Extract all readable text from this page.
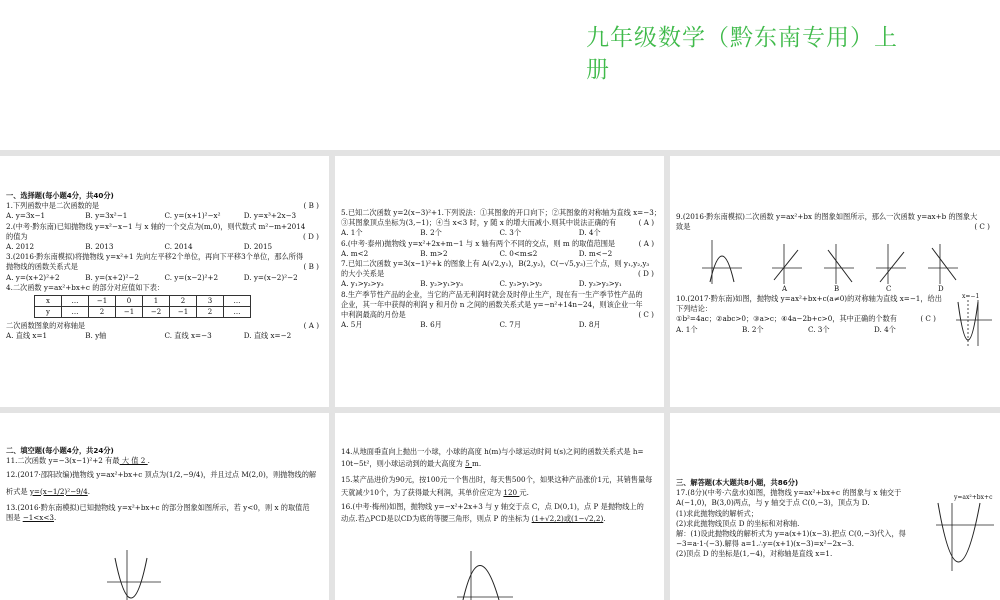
九年级数学（黔东南专用）上册
一、选择题(每小题4分，共40分)
1.下列函数中是二次函数的是	( B )
A. y=3x−1	B. y=3x²−1	C. y=(x+1)²−x²	D. y=x³+2x−3
2.(中考·黔东南)已知抛物线 y=x²−x−1 与 x 轴的一个交点为(m,0)，则代数式 m²−m+2014
的值为	( D )
A. 2012	B. 2013	C. 2014	D. 2015
3.(2016·黔东南模拟)将抛物线 y=x²+1 先向左平移2个单位，再向下平移3个单位，那么所得
抛物线的函数关系式是	( B )
A. y=(x+2)²+2	B. y=(x+2)²−2	C. y=(x−2)²+2	D. y=(x−2)²−2
4.二次函数 y=ax²+bx+c 的部分对应值如下表：
x	…	−1	0	1	2	3	…
y	…	2	−1	−2	−1	2	…
二次函数图象的对称轴是	( A )
A. 直线 x=1	B. y轴	C. 直线 x=−3	D. 直线 x=−2
5.已知二次函数 y=2(x−3)²+1.下列说法：①其图象的开口向下；②其图象的对称轴为直线 x=−3；
③其图象顶点坐标为(3,−1)；④当 x<3 时，y 随 x 的增大而减小.则其中说法正确的有	( A )
A. 1个	B. 2个	C. 3个	D. 4个
6.(中考·泰州)抛物线 y=x²+2x+m−1 与 x 轴有两个不同的交点，则 m 的取值范围是	( A )
A. m<2	B. m>2	C. 0<m≤2	D. m<−2
7.已知二次函数 y=3(x−1)²+k 的图象上有 A(√2,y₁)，B(2,y₂)，C(−√5,y₃)三个点，则 y₁,y₂,y₃
的大小关系是	( D )
A. y₁>y₂>y₃	B. y₂>y₁>y₃	C. y₃>y₁>y₂	D. y₃>y₂>y₁
8.生产季节性产品的企业，当它的产品无利润时就会及时停止生产，现在有一生产季节性产品的
企业，其一年中获得的利润 y 和月份 n 之间的函数关系式是 y=−n²+14n−24，则该企业一年
中利润最高的月份是	( C )
A. 5月	B. 6月	C. 7月	D. 8月
9.(2016·黔东南模拟)二次函数 y=ax²+bx 的图象如图所示，那么一次函数 y=ax+b 的图象大
致是	( C )
A	B	C	D
10.(2017·黔东南)如图，抛物线 y=ax²+bx+c(a≠0)的对称轴为直线 x=−1，给出
下列结论：
①b²=4ac；②abc>0；③a>c；④4a−2b+c>0，其中正确的个数有	( C )
A. 1个	B. 2个	C. 3个	D. 4个
x=−1
二、填空题(每小题4分，共24分)
11.二次函数 y=−3(x−1)²+2 有最 大 值 2 .
12.(2017·邵阳改编)抛物线 y=ax²+bx+c 顶点为(1/2,−9/4)，并且过点 M(2,0)，则抛物线的解
析式是 y=(x−1/2)²−9/4.
13.(2016·黔东南模拟)已知抛物线 y=x²+bx+c 的部分图象如图所示，若 y<0，则 x 的取值范
围是 −1<x<3.
14.从地面垂直向上抛出一小球，小球的高度 h(m)与小球运动时间 t(s)之间的函数关系式是 h=
10t−5t²，则小球运动到的最大高度为 5 m.
15.某产品进价为90元，按100元一个售出时，每天售500个，如果这种产品涨价1元，其销售量每
天就减少10个，为了获得最大利润，其单价应定为 120 元.
16.(中考·梅州)如图，抛物线 y=−x²+2x+3 与 y 轴交于点 C，点 D(0,1)，点 P 是抛物线上的
动点.若△PCD是以CD为底的等腰三角形，则点 P 的坐标为 (1+√2,2)或(1−√2,2).
三、解答题(本大题共8小题，共86分)
17.(8分)(中考·六盘水)如图，抛物线 y=ax²+bx+c 的图象与 x 轴交于
A(−1,0)，B(3,0)两点，与 y 轴交于点 C(0,−3)，顶点为 D.
(1)求此抛物线的解析式；
(2)求此抛物线顶点 D 的坐标和对称轴.
解：(1)设此抛物线的解析式为 y=a(x+1)(x−3).把点 C(0,−3)代入，得
−3=a·1·(−3).解得 a=1.∴y=(x+1)(x−3)=x²−2x−3.
(2)顶点 D 的坐标是(1,−4)，对称轴是直线 x=1.
y=ax²+bx+c
